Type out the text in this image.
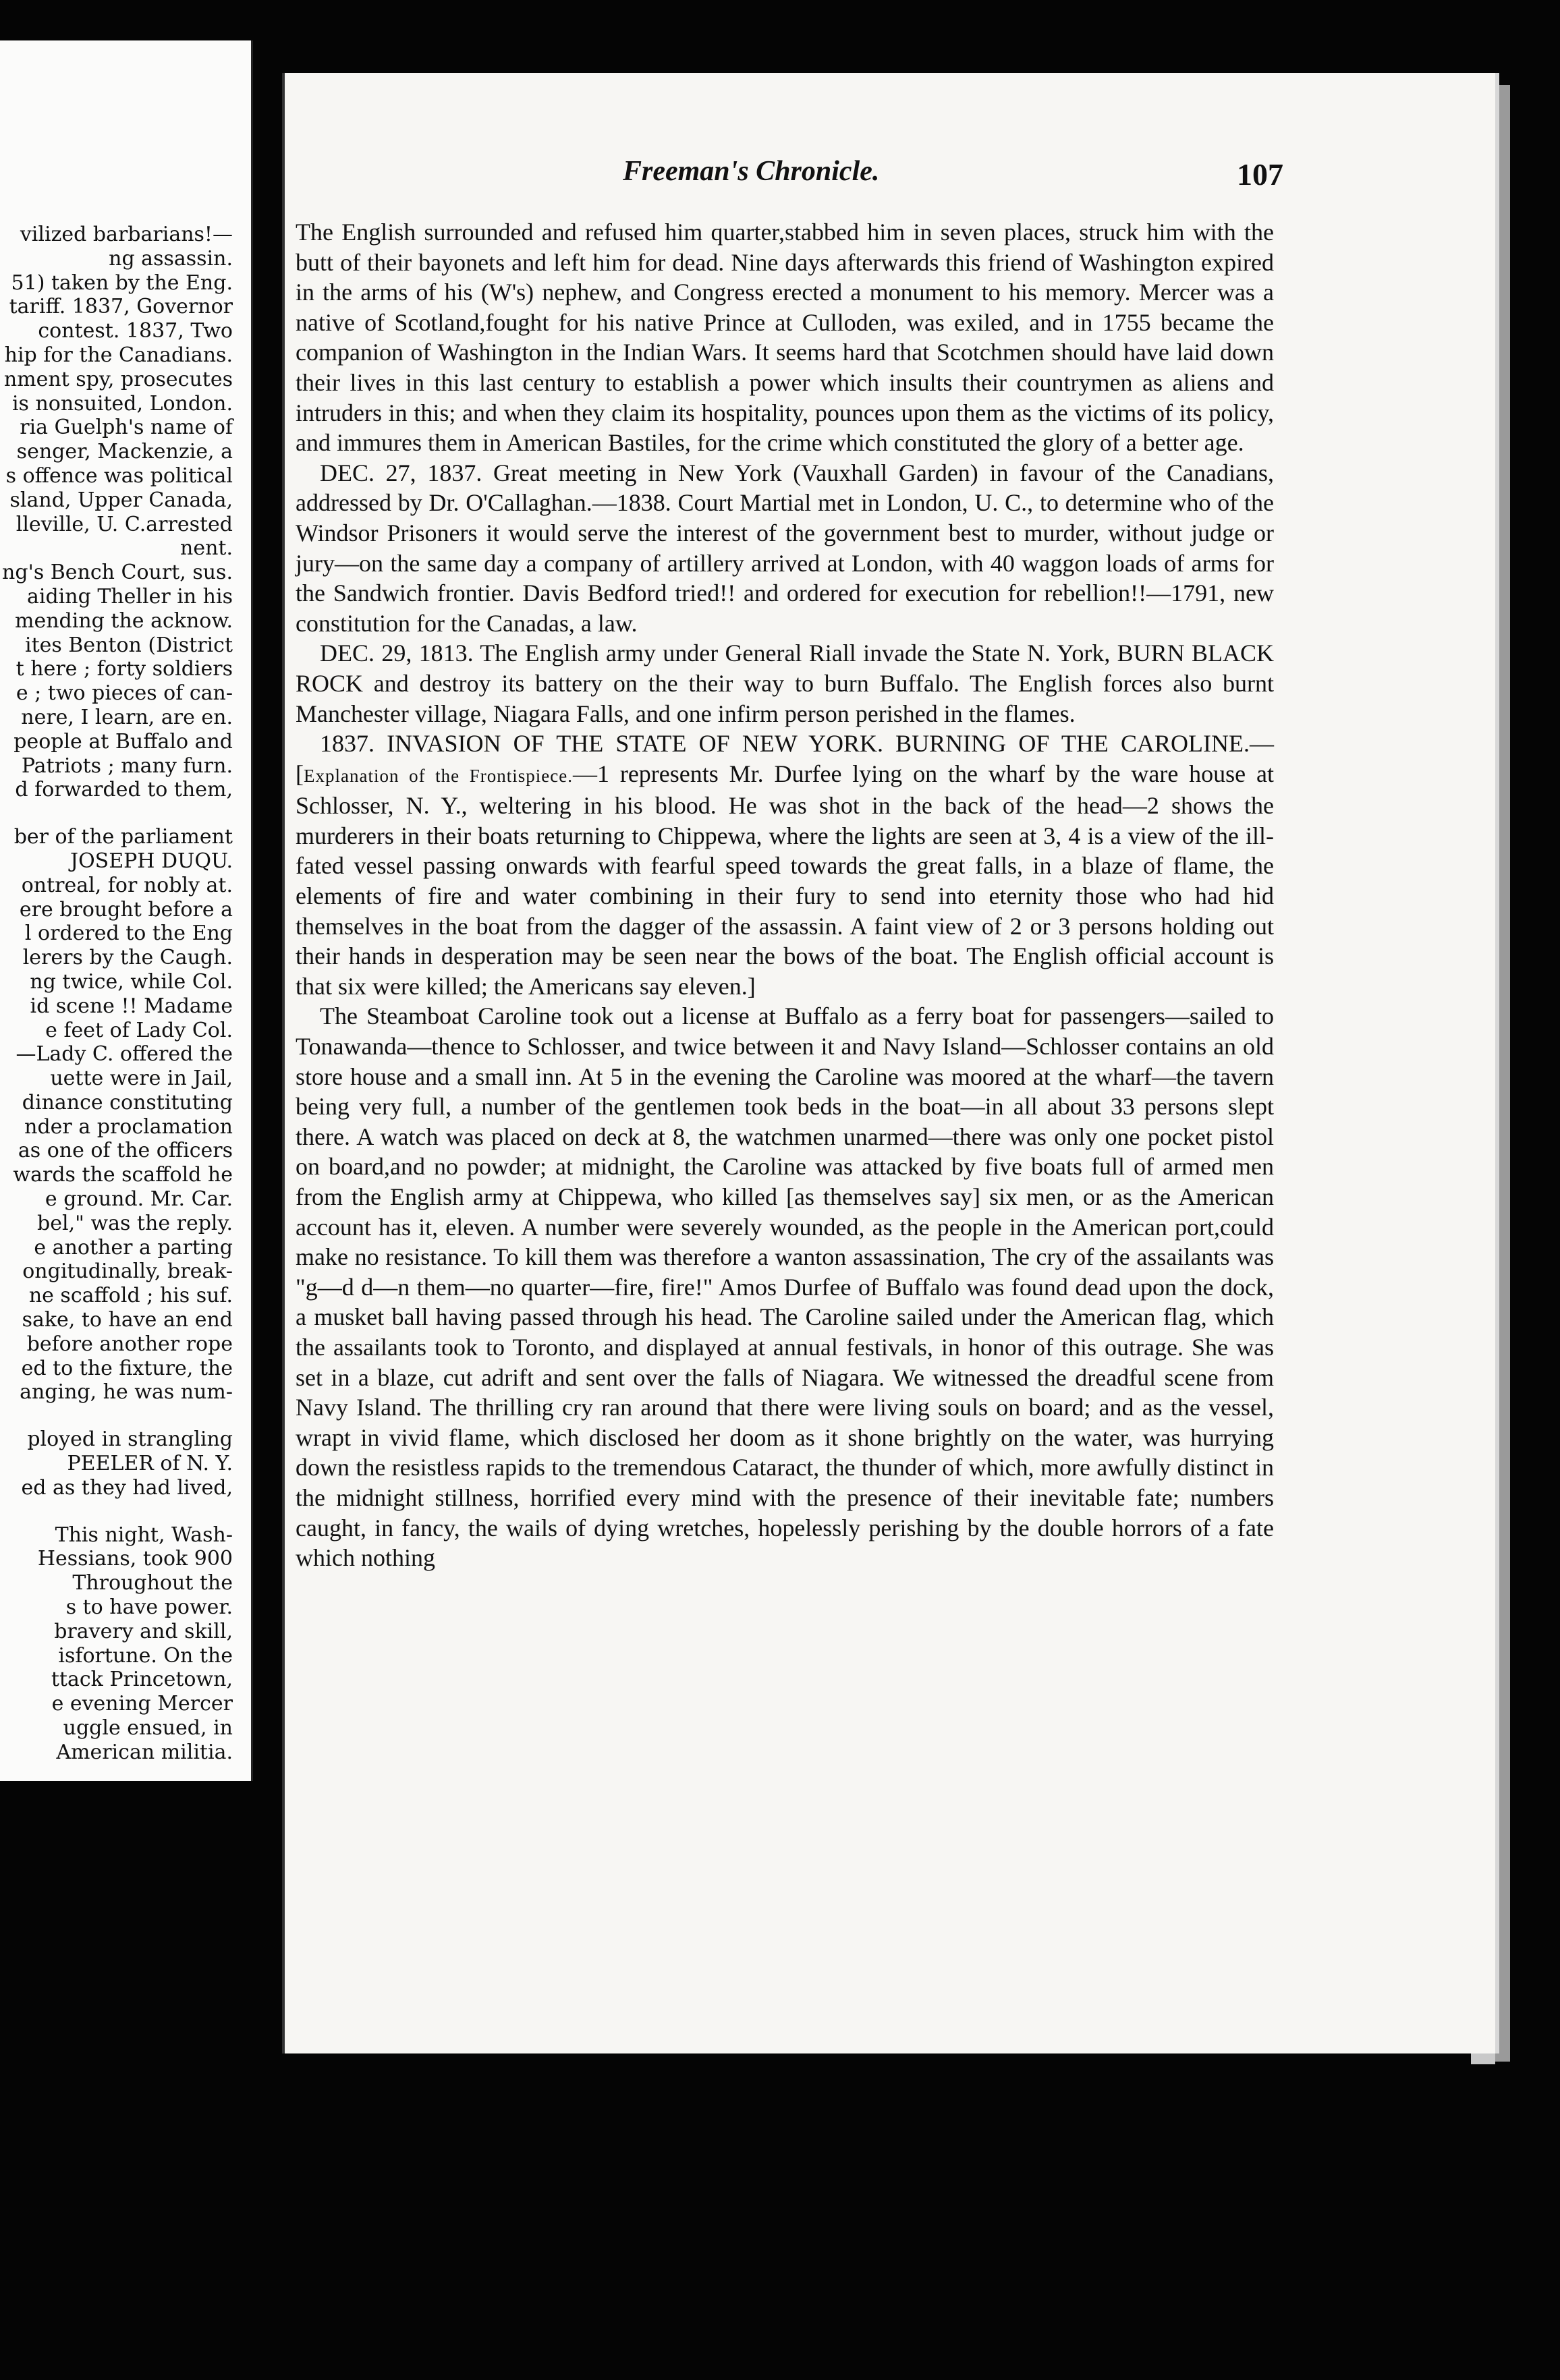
vilized barbarians!—
ng assassin.
51) taken by the Eng.
tariff. 1837, Governor
contest. 1837, Two
hip for the Canadians.
nment spy, prosecutes
is nonsuited, London.
ria Guelph's name of
senger, Mackenzie, a
s offence was political
sland, Upper Canada,
lleville, U. C.arrested
nent.
ng's Bench Court, sus.
aiding Theller in his
mending the acknow.
ites Benton (District
t here ; forty soldiers
e ; two pieces of can-
nere, I learn, are en.
people at Buffalo and
Patriots ; many furn.
d forwarded to them,
ber of the parliament
JOSEPH DUQU.
ontreal, for nobly at.
ere brought before a
l ordered to the Eng
lerers by the Caugh.
ng twice, while Col.
id scene !! Madame
e feet of Lady Col.
—Lady C. offered the
uette were in Jail,
dinance constituting
nder a proclamation
as one of the officers
wards the scaffold he
e ground. Mr. Car.
bel," was the reply.
e another a parting
ongitudinally, break-
ne scaffold ; his suf.
sake, to have an end
before another rope
ed to the fixture, the
anging, he was num-
ployed in strangling
PEELER of N. Y.
ed as they had lived,
This night, Wash-
Hessians, took 900
Throughout the
s to have power.
bravery and skill,
isfortune. On the
ttack Princetown,
e evening Mercer
uggle ensued, in
American militia.
Freeman's Chronicle.	107

The English surrounded and refused him quarter,stabbed him in seven places, struck him with the butt of their bayonets and left him for dead. Nine days afterwards this friend of Washington expired in the arms of his (W's) nephew, and Congress erected a monument to his memory. Mercer was a native of Scotland,fought for his native Prince at Culloden, was exiled, and in 1755 became the companion of Washington in the Indian Wars. It seems hard that Scotchmen should have laid down their lives in this last century to establish a power which insults their countrymen as aliens and intruders in this; and when they claim its hospitality, pounces upon them as the victims of its policy, and immures them in American Bastiles, for the crime which constituted the glory of a better age.

DEC. 27, 1837. Great meeting in New York (Vauxhall Garden) in favour of the Canadians, addressed by Dr. O'Callaghan.—1838. Court Martial met in London, U. C., to determine who of the Windsor Prisoners it would serve the interest of the government best to murder, without judge or jury—on the same day a company of artillery arrived at London, with 40 waggon loads of arms for the Sandwich frontier. Davis Bedford tried!! and ordered for execution for rebellion!!—1791, new constitution for the Canadas, a law.

DEC. 29, 1813. The English army under General Riall invade the State N. York, BURN BLACK ROCK and destroy its battery on the their way to burn Buffalo. The English forces also burnt Manchester village, Niagara Falls, and one infirm person perished in the flames.

1837. INVASION OF THE STATE OF NEW YORK. BURNING OF THE CAROLINE.—[Explanation of the Frontispiece.—1 represents Mr. Durfee lying on the wharf by the ware house at Schlosser, N. Y., weltering in his blood. He was shot in the back of the head—2 shows the murderers in their boats returning to Chippewa, where the lights are seen at 3, 4 is a view of the ill-fated vessel passing onwards with fearful speed towards the great falls, in a blaze of flame, the elements of fire and water combining in their fury to send into eternity those who had hid themselves in the boat from the dagger of the assassin. A faint view of 2 or 3 persons holding out their hands in desperation may be seen near the bows of the boat. The English official account is that six were killed; the Americans say eleven.]

The Steamboat Caroline took out a license at Buffalo as a ferry boat for passengers—sailed to Tonawanda—thence to Schlosser, and twice between it and Navy Island—Schlosser contains an old store house and a small inn. At 5 in the evening the Caroline was moored at the wharf—the tavern being very full, a number of the gentlemen took beds in the boat—in all about 33 persons slept there. A watch was placed on deck at 8, the watchmen unarmed—there was only one pocket pistol on board,and no powder; at midnight, the Caroline was attacked by five boats full of armed men from the English army at Chippewa, who killed [as themselves say] six men, or as the American account has it, eleven. A number were severely wounded, as the people in the American port,could make no resistance. To kill them was therefore a wanton assassination, The cry of the assailants was "g—d d—n them—no quarter—fire, fire!" Amos Durfee of Buffalo was found dead upon the dock, a musket ball having passed through his head. The Caroline sailed under the American flag, which the assailants took to Toronto, and displayed at annual festivals, in honor of this outrage. She was set in a blaze, cut adrift and sent over the falls of Niagara. We witnessed the dreadful scene from Navy Island. The thrilling cry ran around that there were living souls on board; and as the vessel, wrapt in vivid flame, which disclosed her doom as it shone brightly on the water, was hurrying down the resistless rapids to the tremendous Cataract, the thunder of which, more awfully distinct in the midnight stillness, horrified every mind with the presence of their inevitable fate; numbers caught, in fancy, the wails of dying wretches, hopelessly perishing by the double horrors of a fate which nothing
